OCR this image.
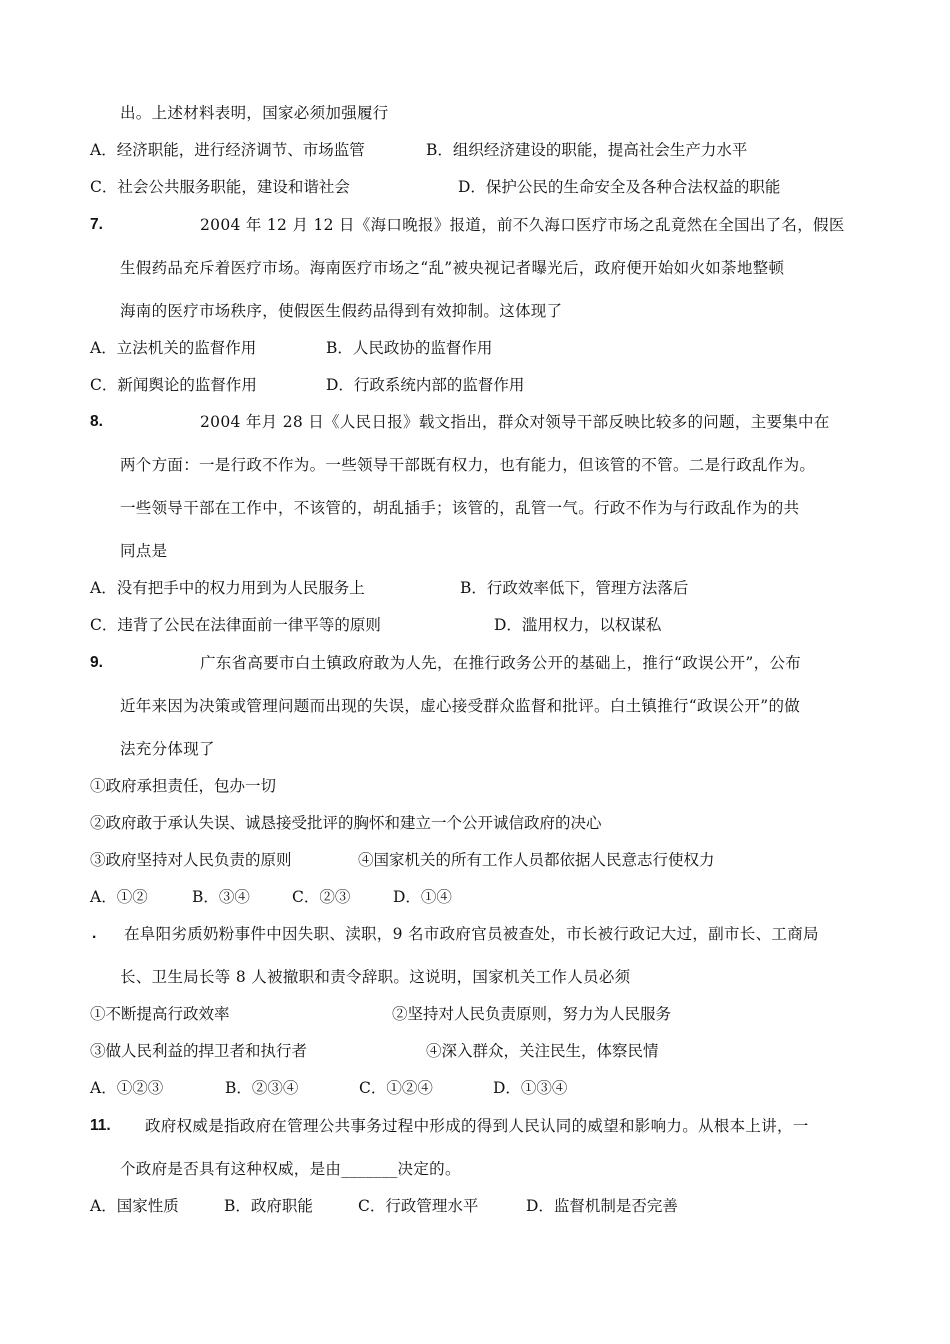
出。上述材料表明，国家必须加强履行
A．经济职能，进行经济调节、市场监管	B．组织经济建设的职能，提高社会生产力水平
C．社会公共服务职能，建设和谐社会	D．保护公民的生命安全及各种合法权益的职能
7.	2004 年 12 月 12 日《海口晚报》报道，前不久海口医疗市场之乱竟然在全国出了名，假医
生假药品充斥着医疗市场。海南医疗市场之“乱”被央视记者曝光后，政府便开始如火如荼地整顿
海南的医疗市场秩序，使假医生假药品得到有效抑制。这体现了
A．立法机关的监督作用	B．人民政协的监督作用
C．新闻舆论的监督作用	D．行政系统内部的监督作用
8.	2004 年月 28 日《人民日报》载文指出，群众对领导干部反映比较多的问题，主要集中在
两个方面：一是行政不作为。一些领导干部既有权力，也有能力，但该管的不管。二是行政乱作为。
一些领导干部在工作中，不该管的，胡乱插手；该管的，乱管一气。行政不作为与行政乱作为的共
同点是
A．没有把手中的权力用到为人民服务上	B．行政效率低下，管理方法落后
C．违背了公民在法律面前一律平等的原则	D．滥用权力，以权谋私
9.	广东省高要市白土镇政府敢为人先，在推行政务公开的基础上，推行“政误公开”，公布
近年来因为决策或管理问题而出现的失误，虚心接受群众监督和批评。白土镇推行“政误公开”的做
法充分体现了
①政府承担责任，包办一切
②政府敢于承认失误、诚恳接受批评的胸怀和建立一个公开诚信政府的决心
③政府坚持对人民负责的原则	④国家机关的所有工作人员都依据人民意志行使权力
A．①②	B．③④	C．②③	D．①④
. 在阜阳劣质奶粉事件中因失职、渎职，9 名市政府官员被查处，市长被行政记大过，副市长、工商局
长、卫生局长等 8 人被撤职和责令辞职。这说明，国家机关工作人员必须
①不断提高行政效率	②坚持对人民负责原则，努力为人民服务
③做人民利益的捍卫者和执行者	④深入群众，关注民生，体察民情
A．①②③	B．②③④	C．①②④	D．①③④
11. 政府权威是指政府在管理公共事务过程中形成的得到人民认同的威望和影响力。从根本上讲，一
个政府是否具有这种权威，是由_______决定的。
A．国家性质	B．政府职能	C．行政管理水平	D．监督机制是否完善
